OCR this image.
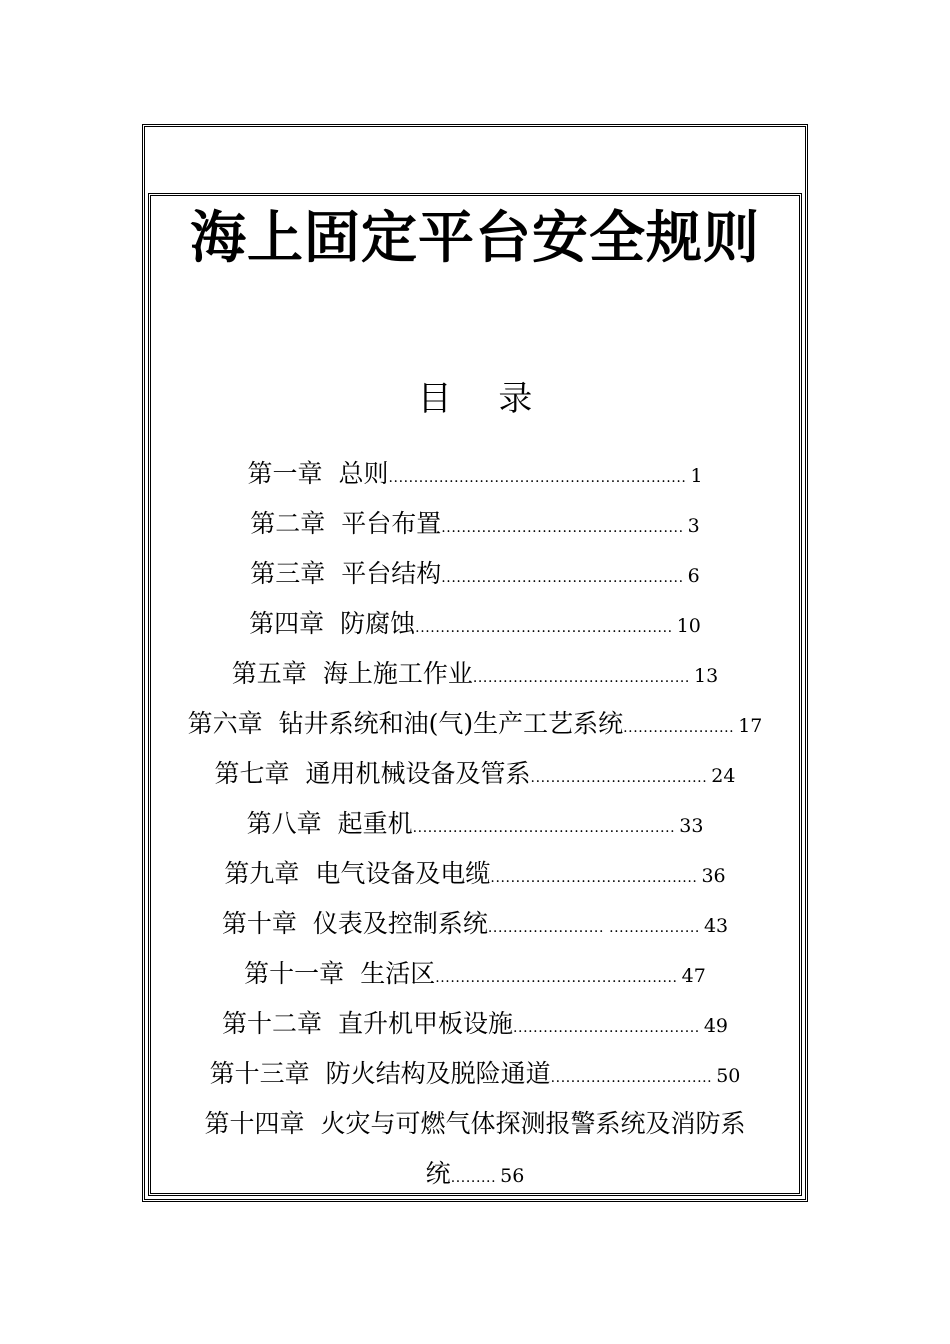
海上固定平台安全规则
目 录
第一章 总则........................................................... 1
第二章 平台布置................................................ 3
第三章 平台结构................................................ 6
第四章 防腐蚀................................................... 10
第五章 海上施工作业........................................... 13
第六章 钻井系统和油(气)生产工艺系统...................... 17
第七章 通用机械设备及管系................................... 24
第八章 起重机.................................................... 33
第九章 电气设备及电缆......................................... 36
第十章 仪表及控制系统....................... .................. 43
第十一章 生活区................................................ 47
第十二章 直升机甲板设施..................................... 49
第十三章 防火结构及脱险通道................................ 50
第十四章 火灾与可燃气体探测报警系统及消防系
统......... 56
